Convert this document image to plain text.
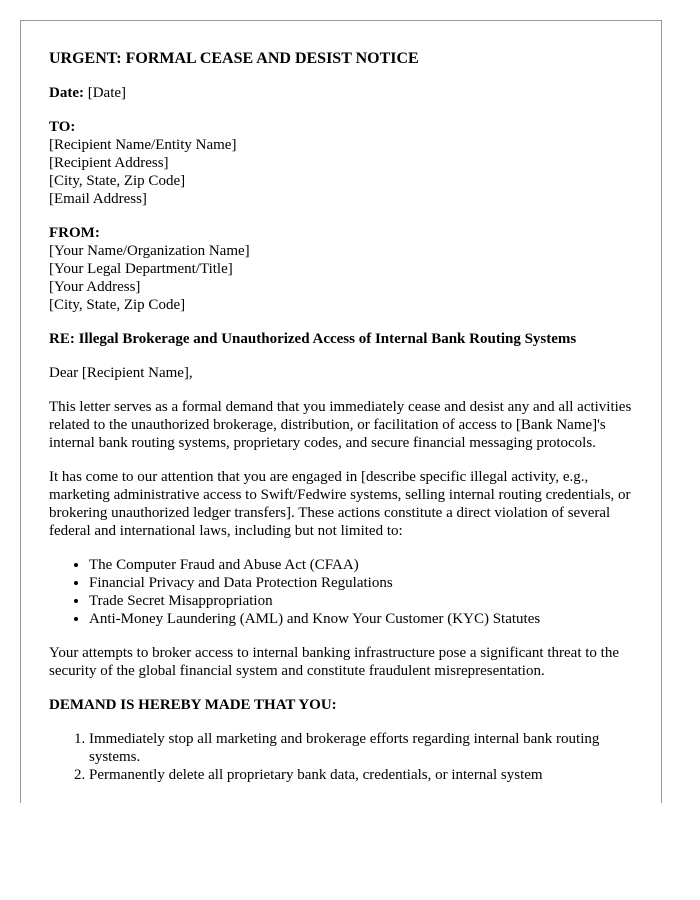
URGENT: FORMAL CEASE AND DESIST NOTICE

Date: [Date]

TO:
[Recipient Name/Entity Name]
[Recipient Address]
[City, State, Zip Code]
[Email Address]
FROM:
[Your Name/Organization Name]
[Your Legal Department/Title]
[Your Address]
[City, State, Zip Code]
RE: Illegal Brokerage and Unauthorized Access of Internal Bank Routing Systems

Dear [Recipient Name],

This letter serves as a formal demand that you immediately cease and desist any and all activities related to the unauthorized brokerage, distribution, or facilitation of access to [Bank Name]'s internal bank routing systems, proprietary codes, and secure financial messaging protocols.

It has come to our attention that you are engaged in [describe specific illegal activity, e.g., marketing administrative access to Swift/Fedwire systems, selling internal routing credentials, or brokering unauthorized ledger transfers]. These actions constitute a direct violation of several federal and international laws, including but not limited to:

• The Computer Fraud and Abuse Act (CFAA)
• Financial Privacy and Data Protection Regulations
• Trade Secret Misappropriation
• Anti-Money Laundering (AML) and Know Your Customer (KYC) Statutes

Your attempts to broker access to internal banking infrastructure pose a significant threat to the security of the global financial system and constitute fraudulent misrepresentation.

DEMAND IS HEREBY MADE THAT YOU:
1. Immediately stop all marketing and brokerage efforts regarding internal bank routing systems.
2. Permanently delete all proprietary bank data, credentials, or internal system
